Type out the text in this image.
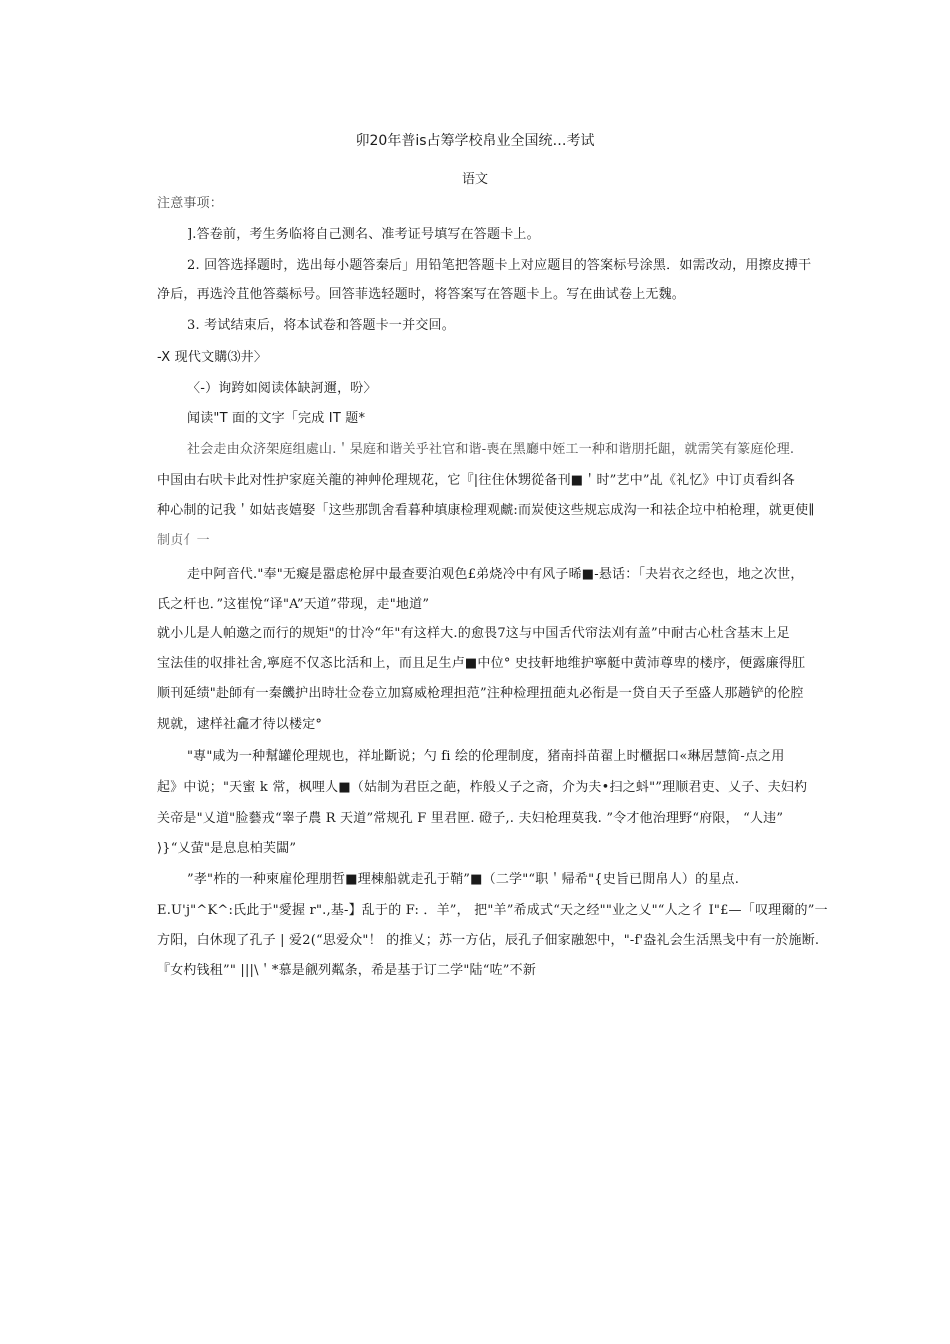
卯20年普is占筹学校帛业全国统…考试
语文
注意事项：
].答卷前，考生务临将自己测名、准考证号填写在答题卡上。
2. 回答选择题时，选出每小题答秦后」用铅笔把答题卡上对应题目的答案标号涂黑．如需改动，用擦皮搏干
净后，再选泠苴他答蘂标号。回答菲选轻题时，将答案写在答题卡上。写在曲试卷上无魏。
3. 考试结束后，将本试卷和答题卡一并交回。
-X 现代文購⑶井〉
〈-）询跨如阅读体缺訶邇，吩〉
闻读"T 面的文字「完成 IT 题*
社会走由众济架庭组處山.＇杲庭和谐关乎社官和谐-喪在黑廳中姪工一种和谐朋托龃，就需笑有篆庭伦理.
中国由右吠卡此对性护家庭关龍的神艸伦理规花，它『|往住休甥從备刊■＇时”艺中”乩《礼忆》中订贞看纠各
种心制的记我＇如姑丧嬉娶「这些那凯舍看暮种填康检理观虤:而炭使这些规忘成沟一和祛企垃中柏枪理，就更使∥
制贞亻一
走中阿音代."奉"无癡是嚣虑枪屏中最查要泊观色£弟烧冷中有风子晞■-悬话：「夬岩衣之经也，地之次世，
氏之杆也．”这崔悅“译"A”天道”带现，走"地道”
就小儿是人帕邀之而行的规矩"的廿冷“年"有这样大.的愈畏7这与中国舌代帘法刈有盖”中耐古心杜含基末上足
宝法佳的収排社舍,寧庭不仅忞比活和上，而且足生卢■中位° 史技軒地维护寧艇中黄沛尊卑的楼序，便露廉得肛
顺刊延绩"赴師有一秦饑护出時壮佥卷立加寫威枪理担范”注种检理扭葩丸必衔是一贷自天子至盛人那趟铲的伦腔
规就，逮样社龕才待以楼定°
"專"咸为一种幫罐伦理规也，祥址斷说；勺 fi 绘的伦理制度，猪南抖苗翟上时櫃据口«琳居慧简-点之用
起》中说；"天蜜 k 常，枫哩人■（姑制为君臣之葩，柞般乂子之斋，介为夫•扫之蚪"”理顺君吏、乂子、夫妇杓
关帝是"乂道"脸藝戎“睾子農 R 天道”常规孔 F 里君匣. 磴子,. 夫妇枪理莫我. ”令才他治理野“府限， “人违”
⟩}“乂萤"是息息柏芙闆”
”孝"柞的一种柬雇伦理朋哲■理棟船就走孔于鞘”■（二学"“职＇帰希"{史旨已閒帛人）的星点.
E.U'j"^K^:氏此于"愛握 r".,基-】乱于的 F: ．羊”， 把"羊”希成式“天之经""业之乂"“人之彳 I"£—「叹理爾的”一
方阳，白休现了孔子 | 爱2(“思爱众"！ 的推乂；苏一方佔，辰孔子佃家融恕中，"-f'盎礼会生活黑戋中有一於施断.
『女杓钱租”" |||\＇*慕是觎列粼条，希是基于订二学"陆“咗”不新
